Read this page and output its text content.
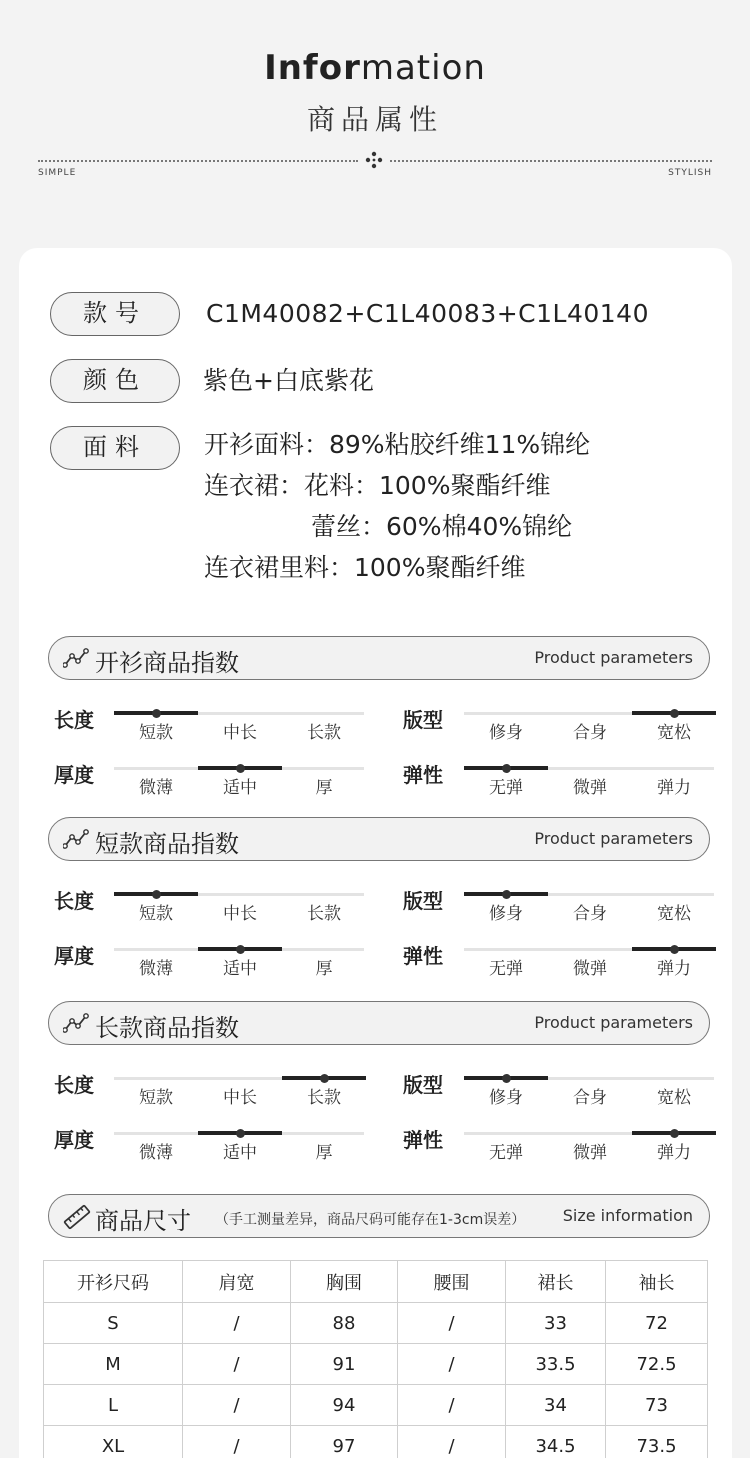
Information
商品属性
SIMPLE	STYLISH
款号	C1M40082+C1L40083+C1L40140
颜色	紫色+白底紫花
面料	开衫面料：89%粘胶纤维11%锦纶
连衣裙：花料：100%聚酯纤维
蕾丝：60%棉40%锦纶
连衣裙里料：100%聚酯纤维
开衫商品指数	Product parameters
长度
短款	中长	长款
版型
修身	合身	宽松
厚度
微薄	适中	厚
弹性
无弹	微弹	弹力
短款商品指数	Product parameters
长度
短款	中长	长款
版型
修身	合身	宽松
厚度
微薄	适中	厚
弹性
无弹	微弹	弹力
长款商品指数	Product parameters
长度
短款	中长	长款
版型
修身	合身	宽松
厚度
微薄	适中	厚
弹性
无弹	微弹	弹力
商品尺寸 （手工测量差异，商品尺码可能存在1-3cm误差） Size information
开衫尺码	肩宽	胸围	腰围	裙长	袖长
S	/	88	/	33	72
M	/	91	/	33.5	72.5
L	/	94	/	34	73
XL	/	97	/	34.5	73.5
